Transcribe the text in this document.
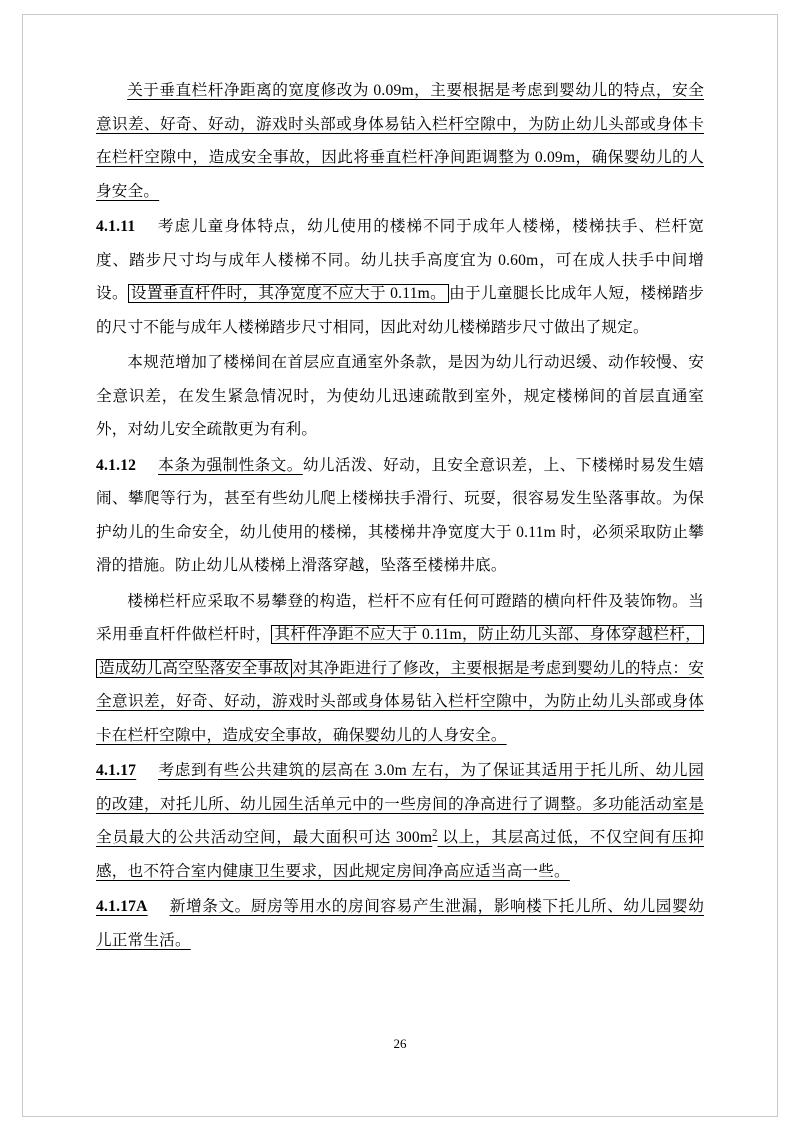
关于垂直栏杆净距离的宽度修改为 0.09m，主要根据是考虑到婴幼儿的特点，安全意识差、好奇、好动，游戏时头部或身体易钻入栏杆空隙中，为防止幼儿头部或身体卡在栏杆空隙中，造成安全事故，因此将垂直栏杆净间距调整为 0.09m，确保婴幼儿的人身安全。

4.1.11 考虑儿童身体特点，幼儿使用的楼梯不同于成年人楼梯，楼梯扶手、栏杆宽度、踏步尺寸均与成年人楼梯不同。幼儿扶手高度宜为 0.60m，可在成人扶手中间增设。 设置垂直杆件时，其净宽度不应大于 0.11m。 由于儿童腿长比成年人短，楼梯踏步的尺寸不能与成年人楼梯踏步尺寸相同，因此对幼儿楼梯踏步尺寸做出了规定。

本规范增加了楼梯间在首层应直通室外条款，是因为幼儿行动迟缓、动作较慢、安全意识差，在发生紧急情况时，为使幼儿迅速疏散到室外，规定楼梯间的首层直通室外，对幼儿安全疏散更为有利。

4.1.12 本条为强制性条文。幼儿活泼、好动，且安全意识差，上、下楼梯时易发生嬉闹、攀爬等行为，甚至有些幼儿爬上楼梯扶手滑行、玩耍，很容易发生坠落事故。为保护幼儿的生命安全，幼儿使用的楼梯，其楼梯井净宽度大于 0.11m 时，必须采取防止攀滑的措施。防止幼儿从楼梯上滑落穿越，坠落至楼梯井底。

楼梯栏杆应采取不易攀登的构造，栏杆不应有任何可蹬踏的横向杆件及装饰物。当采用垂直杆件做栏杆时， 其杆件净距不应大于 0.11m，防止幼儿头部、身体穿越栏杆，造成幼儿高空坠落安全事故 对其净距进行了修改，主要根据是考虑到婴幼儿的特点：安全意识差，好奇、好动，游戏时头部或身体易钻入栏杆空隙中，为防止幼儿头部或身体卡在栏杆空隙中，造成安全事故，确保婴幼儿的人身安全。

4.1.17 考虑到有些公共建筑的层高在 3.0m 左右，为了保证其适用于托儿所、幼儿园的改建，对托儿所、幼儿园生活单元中的一些房间的净高进行了调整。多功能活动室是全员最大的公共活动空间，最大面积可达 $300m^2$ 以上，其层高过低，不仅空间有压抑感，也不符合室内健康卫生要求，因此规定房间净高应适当高一些。

4.1.17A 新增条文。厨房等用水的房间容易产生泄漏，影响楼下托儿所、幼儿园婴幼儿正常生活。

26
